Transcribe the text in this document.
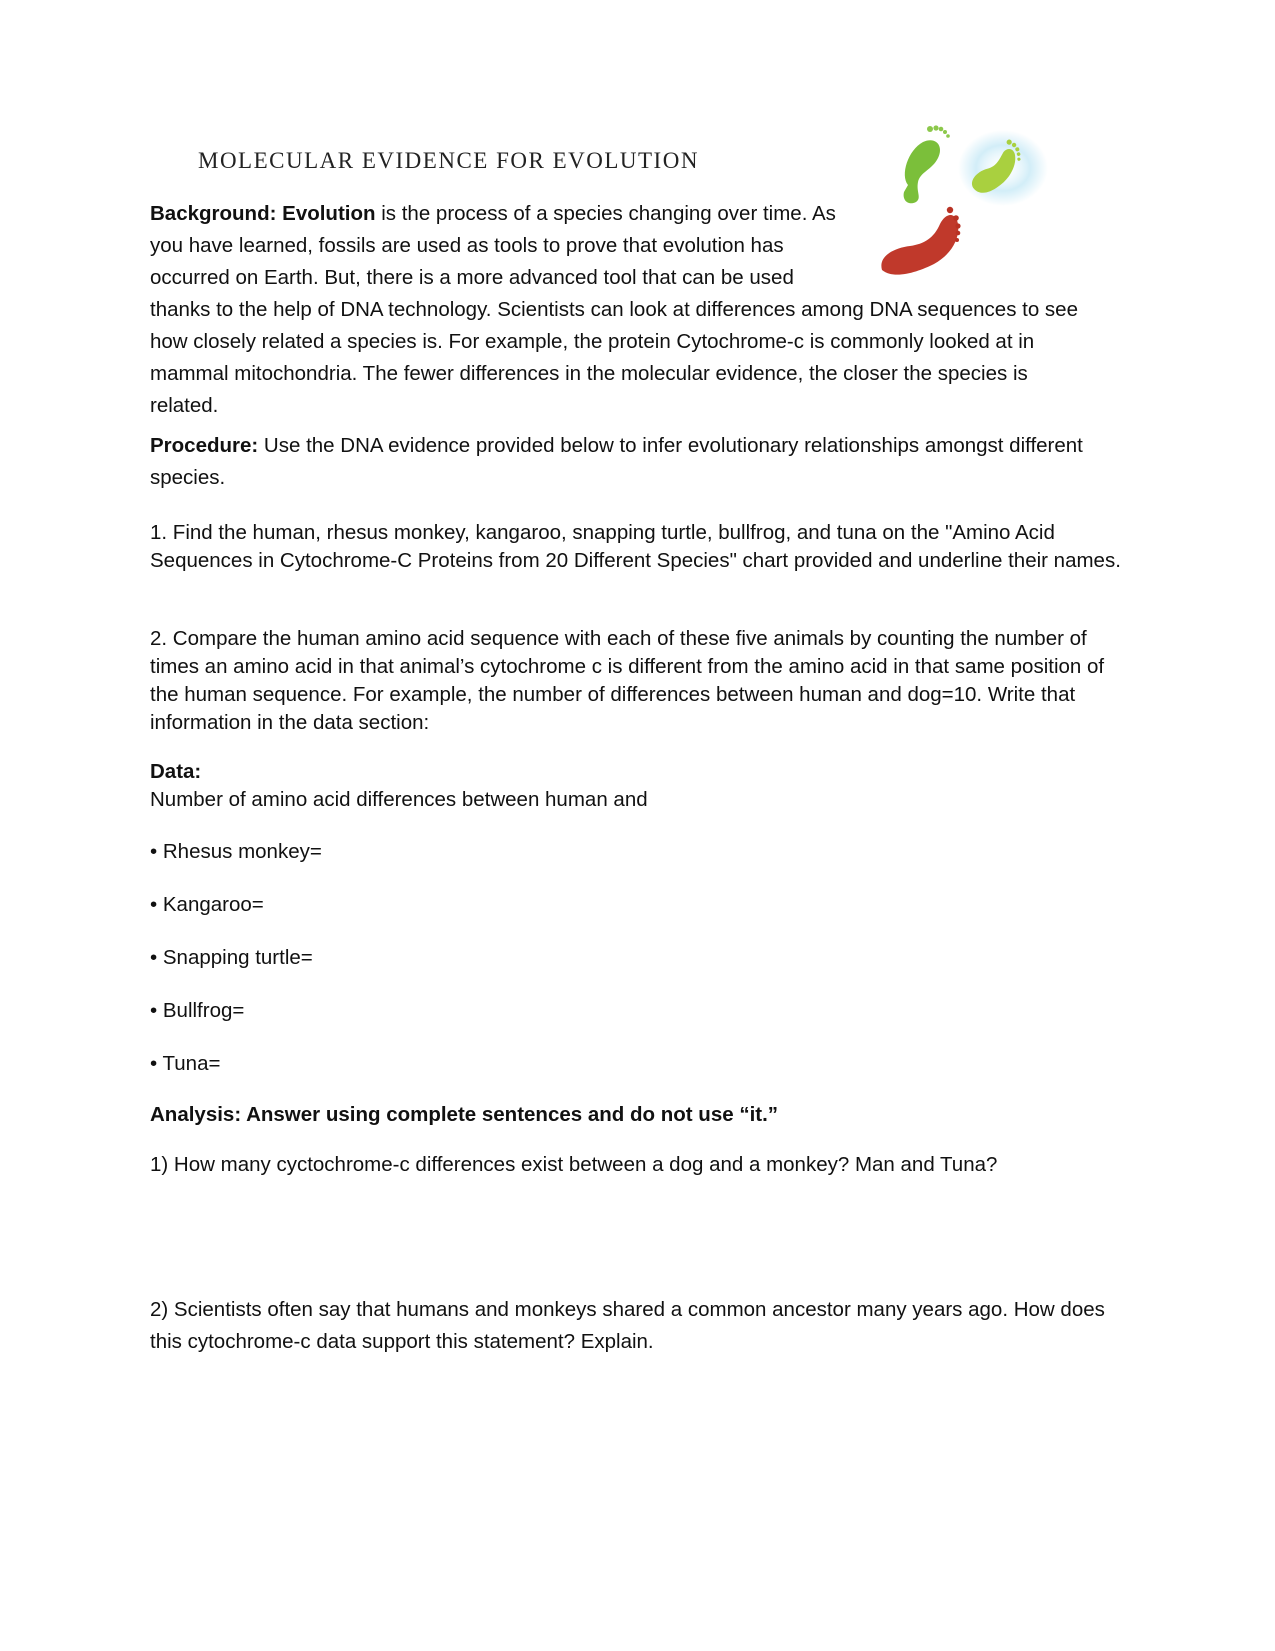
MOLECULAR EVIDENCE FOR EVOLUTION
Background: Evolution is the process of a species changing over time. As
you have learned, fossils are used as tools to prove that evolution has
occurred on Earth. But, there is a more advanced tool that can be used
thanks to the help of DNA technology. Scientists can look at differences among DNA sequences to see
how closely related a species is. For example, the protein Cytochrome-c is commonly looked at in
mammal mitochondria. The fewer differences in the molecular evidence, the closer the species is
related.
Procedure: Use the DNA evidence provided below to infer evolutionary relationships amongst different species.
1. Find the human, rhesus monkey, kangaroo, snapping turtle, bullfrog, and tuna on the "Amino Acid Sequences in Cytochrome-C Proteins from 20 Different Species" chart provided and underline their names.
2. Compare the human amino acid sequence with each of these five animals by counting the number of times an amino acid in that animal’s cytochrome c is different from the amino acid in that same position of the human sequence. For example, the number of differences between human and dog=10. Write that information in the data section:
Data:
Number of amino acid differences between human and
• Rhesus monkey=
• Kangaroo=
• Snapping turtle=
• Bullfrog=
• Tuna=
Analysis: Answer using complete sentences and do not use “it.”
1) How many cyctochrome-c differences exist between a dog and a monkey? Man and Tuna?
2) Scientists often say that humans and monkeys shared a common ancestor many years ago. How does
this cytochrome-c data support this statement? Explain.
